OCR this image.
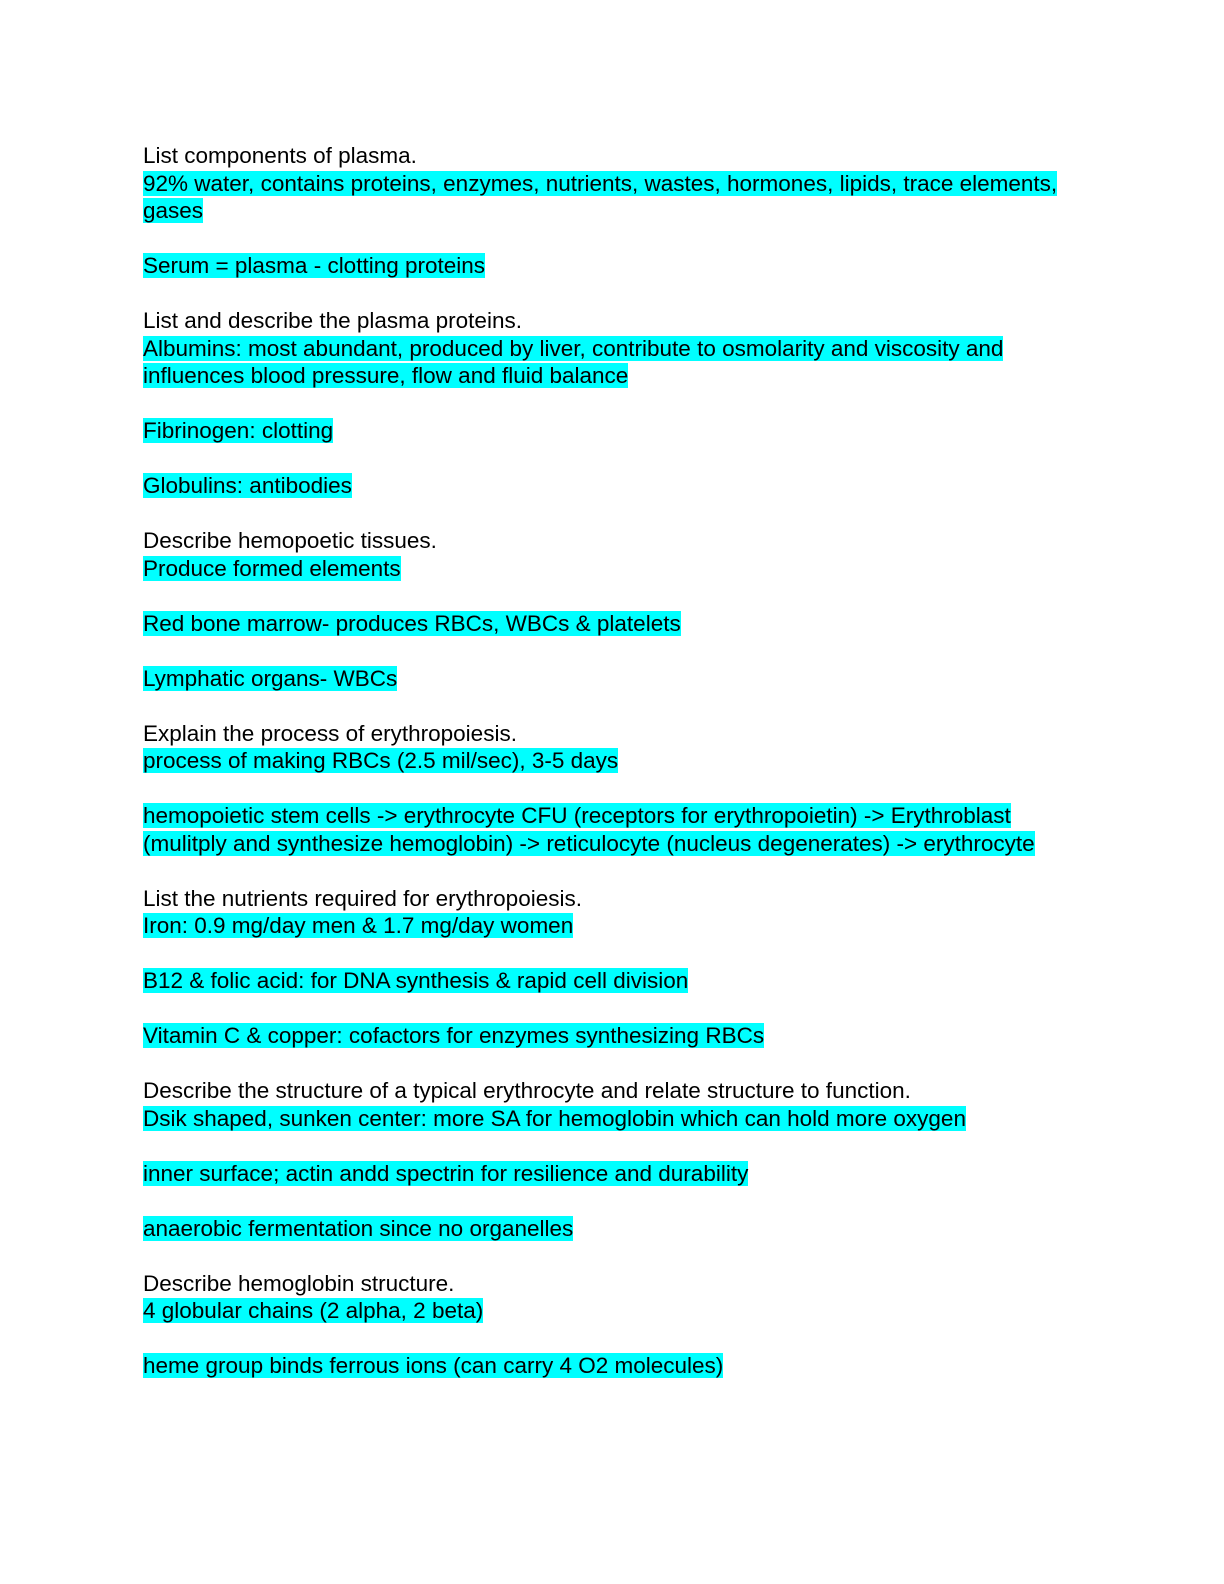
List components of plasma.

92% water, contains proteins, enzymes, nutrients, wastes, hormones, lipids, trace elements, gases

Serum = plasma - clotting proteins

List and describe the plasma proteins.

Albumins: most abundant, produced by liver, contribute to osmolarity and viscosity and influences blood pressure, flow and fluid balance

Fibrinogen: clotting

Globulins: antibodies

Describe hemopoetic tissues.

Produce formed elements

Red bone marrow- produces RBCs, WBCs & platelets

Lymphatic organs- WBCs

Explain the process of erythropoiesis.

process of making RBCs (2.5 mil/sec), 3-5 days

hemopoietic stem cells -> erythrocyte CFU (receptors for erythropoietin) -> Erythroblast (mulitply and synthesize hemoglobin) -> reticulocyte (nucleus degenerates) -> erythrocyte

List the nutrients required for erythropoiesis.

Iron: 0.9 mg/day men & 1.7 mg/day women

B12 & folic acid: for DNA synthesis & rapid cell division

Vitamin C & copper: cofactors for enzymes synthesizing RBCs

Describe the structure of a typical erythrocyte and relate structure to function.

Dsik shaped, sunken center: more SA for hemoglobin which can hold more oxygen

inner surface; actin andd spectrin for resilience and durability

anaerobic fermentation since no organelles

Describe hemoglobin structure.

4 globular chains (2 alpha, 2 beta)

heme group binds ferrous ions (can carry 4 O2 molecules)
